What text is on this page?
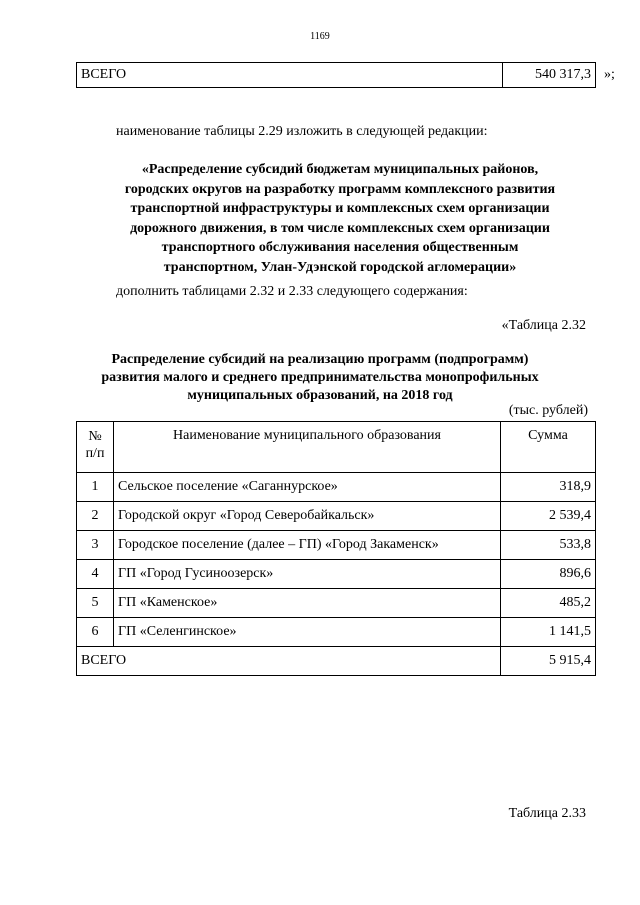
1169
ВСЕГО	540 317,3 »;
наименование таблицы 2.29 изложить в следующей редакции:
«Распределение субсидий бюджетам муниципальных районов,
городских округов на разработку программ комплексного развития
транспортной инфраструктуры и комплексных схем организации
дорожного движения, в том числе комплексных схем организации
транспортного обслуживания населения общественным
транспортном, Улан-Удэнской городской агломерации»
дополнить таблицами 2.32 и 2.33 следующего содержания:
«Таблица 2.32
Распределение субсидий на реализацию программ (подпрограмм)
развития малого и среднего предпринимательства монопрофильных
муниципальных образований, на 2018 год
(тыс. рублей)
№
п/п	Наименование муниципального образования	Сумма
1	Сельское поселение «Саганнурское»	318,9
2	Городской округ «Город Северобайкальск»	2 539,4
3	Городское поселение (далее – ГП) «Город Закаменск»	533,8
4	ГП «Город Гусиноозерск»	896,6
5	ГП «Каменское»	485,2
6	ГП «Селенгинское»	1 141,5
ВСЕГО		5 915,4
Таблица 2.33
